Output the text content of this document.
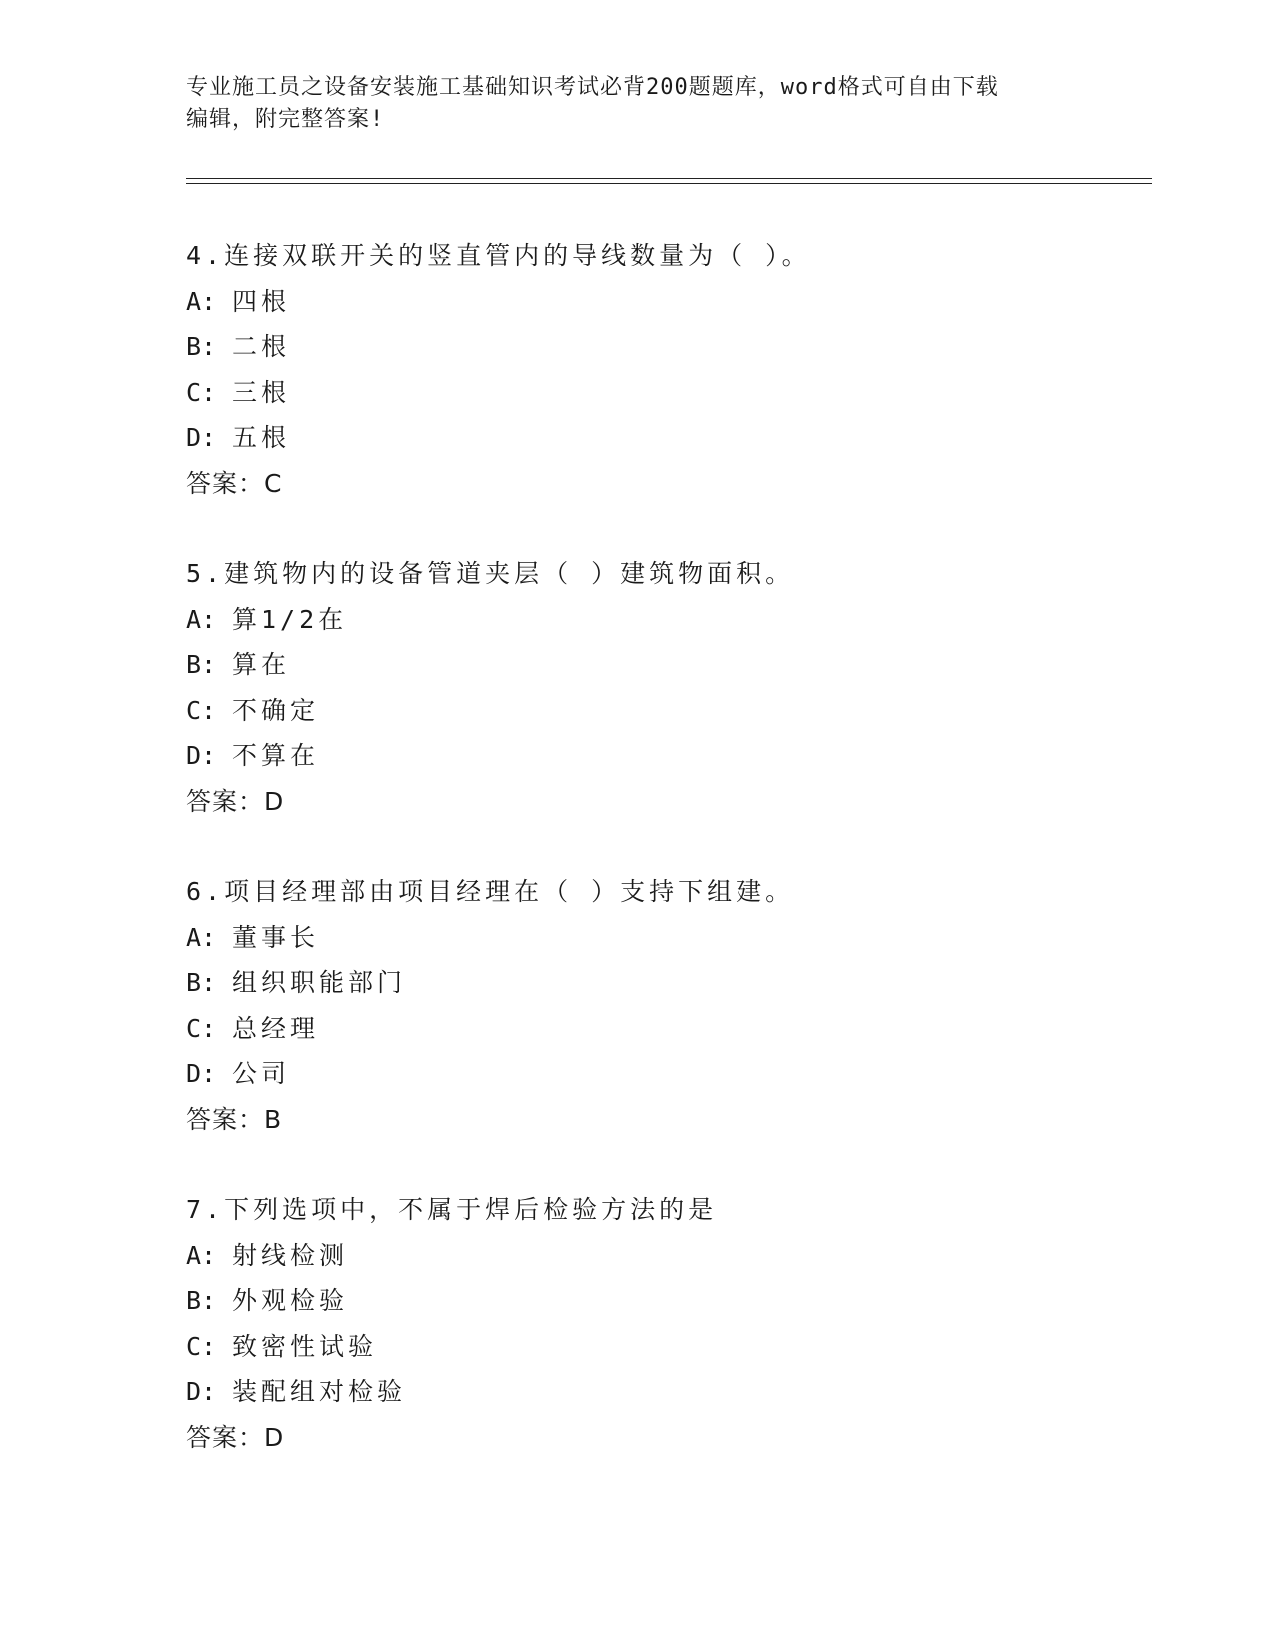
专业施工员之设备安装施工基础知识考试必背200题题库，word格式可自由下载
编辑，附完整答案!
4.连接双联开关的竖直管内的导线数量为（ ）。
A: 四根
B: 二根
C: 三根
D: 五根
答案：C
5.建筑物内的设备管道夹层（ ）建筑物面积。
A: 算1/2在
B: 算在
C: 不确定
D: 不算在
答案：D
6.项目经理部由项目经理在（ ）支持下组建。
A: 董事长
B: 组织职能部门
C: 总经理
D: 公司
答案：B
7.下列选项中，不属于焊后检验方法的是
A: 射线检测
B: 外观检验
C: 致密性试验
D: 装配组对检验
答案：D
